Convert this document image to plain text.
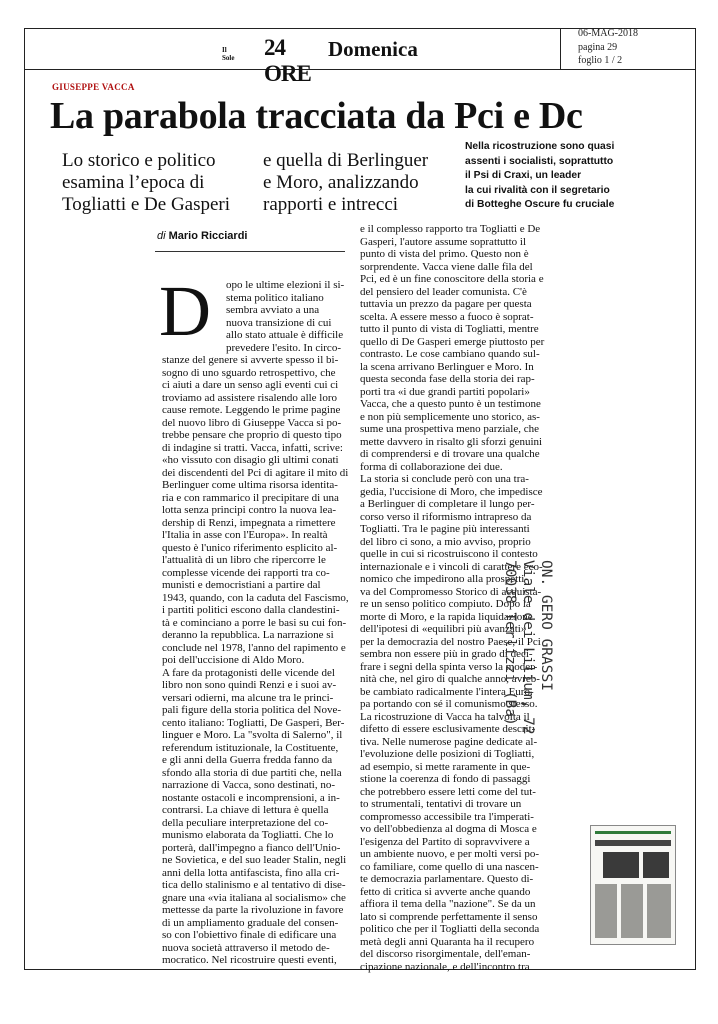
Il Sole 24 ORE
Domenica
06-MAG-2018
pagina 29
foglio 1 / 2
GIUSEPPE VACCA
La parabola tracciata da Pci e Dc
Lo storico e politico
esamina l’epoca di
Togliatti e De Gasperi
e quella di Berlinguer
e Moro, analizzando
rapporti e intrecci
Nella ricostruzione sono quasi
assenti i socialisti, soprattutto
il Psi di Craxi, un leader
la cui rivalità con il segretario
di Botteghe Oscure fu cruciale
di Mario Ricciardi
D	opo le ultime elezioni il si-
stema politico italiano
sembra avviato a una
nuova transizione di cui
allo stato attuale è difficile
prevedere l'esito. In circo-
stanze del genere si avverte spesso il bi-
sogno di uno sguardo retrospettivo, che
ci aiuti a dare un senso agli eventi cui ci
troviamo ad assistere risalendo alle loro
cause remote. Leggendo le prime pagine
del nuovo libro di Giuseppe Vacca si po-
trebbe pensare che proprio di questo tipo
di indagine si tratti. Vacca, infatti, scrive:
«ho vissuto con disagio gli ultimi conati
dei discendenti del Pci di agitare il mito di
Berlinguer come ultima risorsa identita-
ria e con rammarico il precipitare di una
lotta senza principi contro la nuova lea-
dership di Renzi, impegnata a rimettere
l'Italia in asse con l'Europa». In realtà
questo è l'unico riferimento esplicito al-
l'attualità di un libro che ripercorre le
complesse vicende dei rapporti tra co-
munisti e democristiani a partire dal
1943, quando, con la caduta del Fascismo,
i partiti politici escono dalla clandestini-
tà e cominciano a porre le basi su cui fon-
deranno la repubblica. La narrazione si
conclude nel 1978, l'anno del rapimento e
poi dell'uccisione di Aldo Moro.
A fare da protagonisti delle vicende del
libro non sono quindi Renzi e i suoi av-
versari odierni, ma alcune tra le princi-
pali figure della storia politica del Nove-
cento italiano: Togliatti, De Gasperi, Ber-
linguer e Moro. La "svolta di Salerno", il
referendum istituzionale, la Costituente,
e gli anni della Guerra fredda fanno da
sfondo alla storia di due partiti che, nella
narrazione di Vacca, sono destinati, no-
nostante ostacoli e incomprensioni, a in-
contrarsi. La chiave di lettura è quella
della peculiare interpretazione del co-
munismo elaborata da Togliatti. Che lo
porterà, dall'impegno a fianco dell'Unio-
ne Sovietica, e del suo leader Stalin, negli
anni della lotta antifascista, fino alla cri-
tica dello stalinismo e al tentativo di dise-
gnare una «via italiana al socialismo» che
mettesse da parte la rivoluzione in favore
di un ampliamento graduale del consen-
so con l'obiettivo finale di edificare una
nuova società attraverso il metodo de-
mocratico. Nel ricostruire questi eventi,
e il complesso rapporto tra Togliatti e De
Gasperi, l'autore assume soprattutto il
punto di vista del primo. Questo non è
sorprendente. Vacca viene dalle fila del
Pci, ed è un fine conoscitore della storia e
del pensiero del leader comunista. C'è
tuttavia un prezzo da pagare per questa
scelta. A essere messo a fuoco è soprat-
tutto il punto di vista di Togliatti, mentre
quello di De Gasperi emerge piuttosto per
contrasto. Le cose cambiano quando sul-
la scena arrivano Berlinguer e Moro. In
questa seconda fase della storia dei rap-
porti tra «i due grandi partiti popolari»
Vacca, che a questo punto è un testimone
e non più semplicemente uno storico, as-
sume una prospettiva meno parziale, che
mette davvero in risalto gli sforzi genuini
di comprendersi e di trovare una qualche
forma di collaborazione dei due.
La storia si conclude però con una tra-
gedia, l'uccisione di Moro, che impedisce
a Berlinguer di completare il lungo per-
corso verso il riformismo intrapreso da
Togliatti. Tra le pagine più interessanti
del libro ci sono, a mio avviso, proprio
quelle in cui si ricostruiscono il contesto
internazionale e i vincoli di carattere eco-
nomico che impedirono alla prospetti-
va del Compromesso Storico di acquista-
re un senso politico compiuto. Dopo la
morte di Moro, e la rapida liquidazione
dell'ipotesi di «equilibri più avanzati»
per la democrazia del nostro Paese, il Pci
sembra non essere più in grado di deci-
frare i segni della spinta verso la moder-
nità che, nel giro di qualche anno, avreb-
be cambiato radicalmente l'intera Euro-
pa portando con sé il comunismo stesso.
La ricostruzione di Vacca ha talvolta il
difetto di essere esclusivamente descrit-
tiva. Nelle numerose pagine dedicate al-
l'evoluzione delle posizioni di Togliatti,
ad esempio, si mette raramente in que-
stione la coerenza di fondo di passaggi
che potrebbero essere letti come del tut-
to strumentali, tentativi di trovare un
compromesso accessibile tra l'imperati-
vo dell'obbedienza al dogma di Mosca e
l'esigenza del Partito di sopravvivere a
un ambiente nuovo, e per molti versi po-
co familiare, come quello di una nascen-
te democrazia parlamentare. Questo di-
fetto di critica si avverte anche quando
affiora il tema della "nazione". Se da un
lato si comprende perfettamente il senso
politico che per il Togliatti della seconda
metà degli anni Quaranta ha il recupero
del discorso risorgimentale, dell'eman-
cipazione nazionale, e dell'incontro tra
ON. GERO GRASSI
Viale dei Lilium, 72
70038 Terlizzi (Ba)
